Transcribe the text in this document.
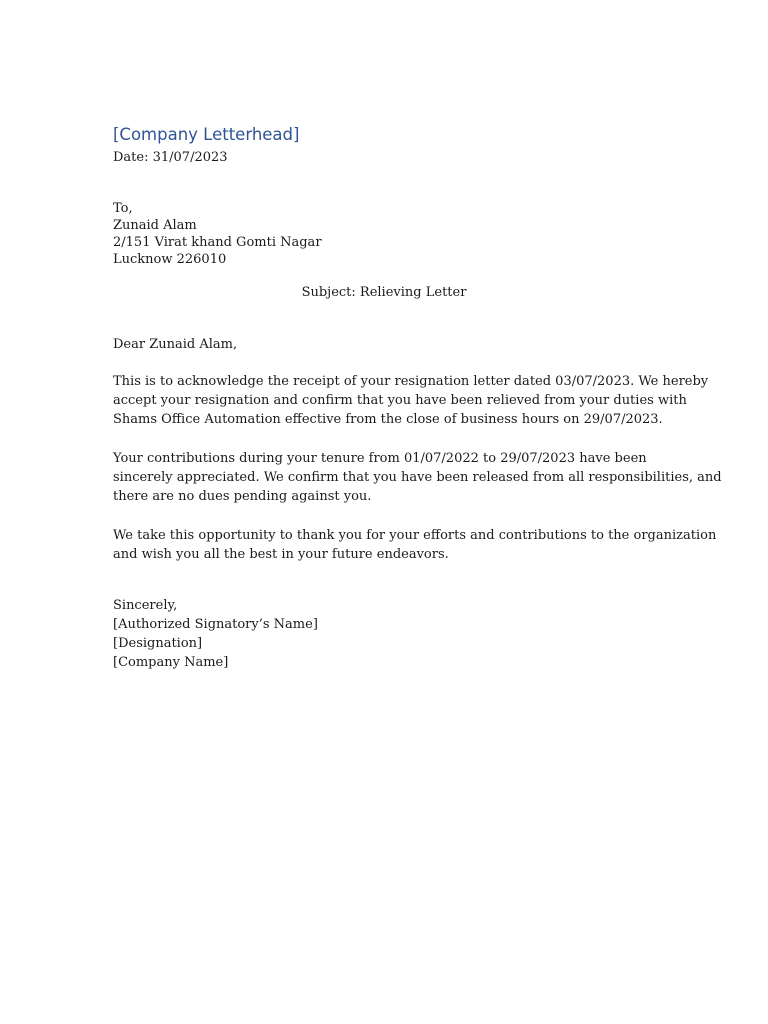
[Company Letterhead]
Date: 31/07/2023
To,
Zunaid Alam
2/151 Virat khand Gomti Nagar
Lucknow 226010
Subject: Relieving Letter
Dear Zunaid Alam,
This is to acknowledge the receipt of your resignation letter dated 03/07/2023. We hereby
accept your resignation and confirm that you have been relieved from your duties with
Shams Office Automation effective from the close of business hours on 29/07/2023.
Your contributions during your tenure from 01/07/2022 to 29/07/2023 have been
sincerely appreciated. We confirm that you have been released from all responsibilities, and
there are no dues pending against you.
We take this opportunity to thank you for your efforts and contributions to the organization
and wish you all the best in your future endeavors.
Sincerely,
[Authorized Signatory’s Name]
[Designation]
[Company Name]
